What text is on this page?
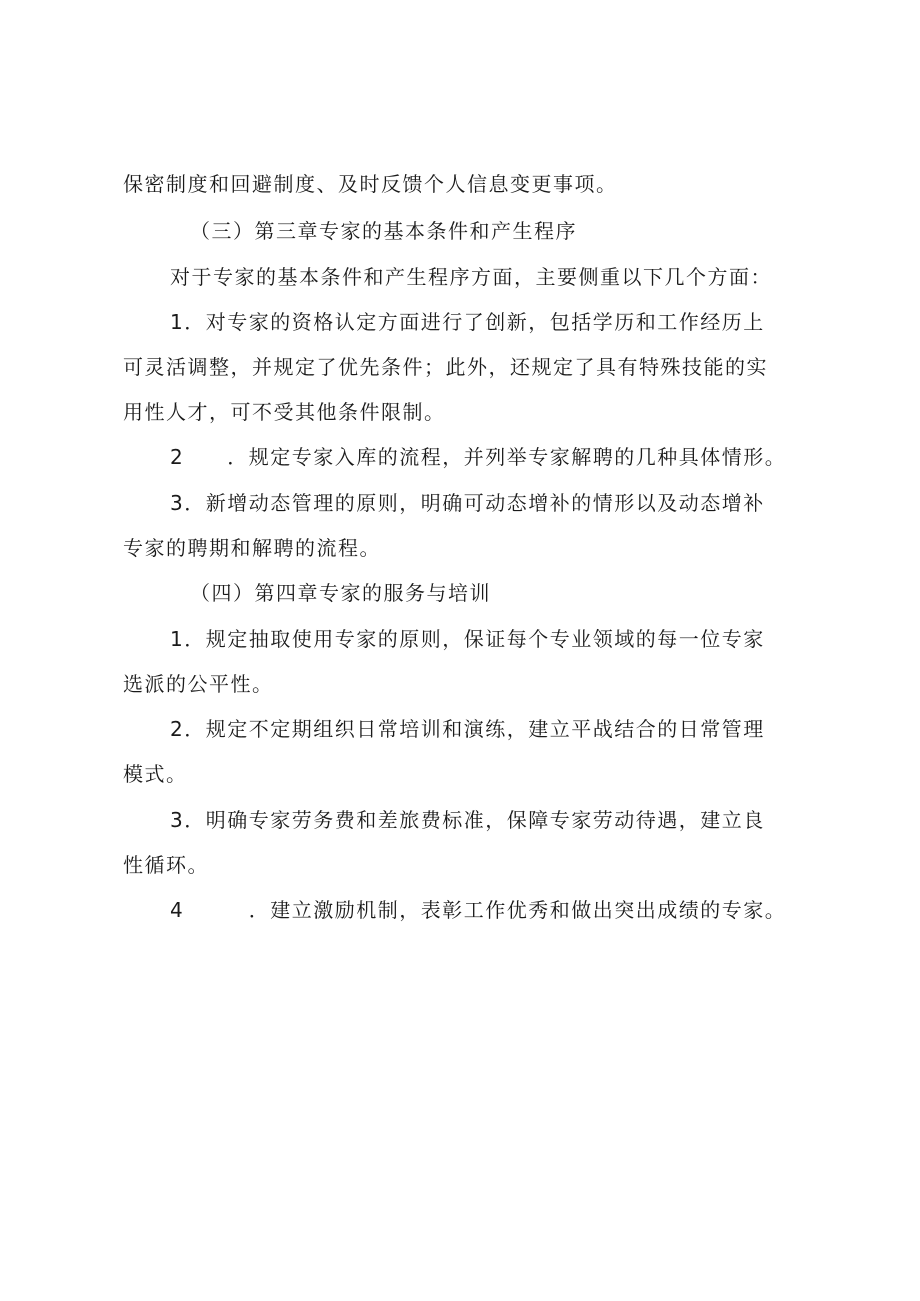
保密制度和回避制度、及时反馈个人信息变更事项。
（三）第三章专家的基本条件和产生程序
对于专家的基本条件和产生程序方面，主要侧重以下几个方面：
1．对专家的资格认定方面进行了创新，包括学历和工作经历上
可灵活调整，并规定了优先条件；此外，还规定了具有特殊技能的实
用性人才，可不受其他条件限制。
2　　．规定专家入库的流程，并列举专家解聘的几种具体情形。
3．新增动态管理的原则，明确可动态增补的情形以及动态增补
专家的聘期和解聘的流程。
（四）第四章专家的服务与培训
1．规定抽取使用专家的原则，保证每个专业领域的每一位专家
选派的公平性。
2．规定不定期组织日常培训和演练，建立平战结合的日常管理
模式。
3．明确专家劳务费和差旅费标准，保障专家劳动待遇，建立良
性循环。
4　　　．建立激励机制，表彰工作优秀和做出突出成绩的专家。
